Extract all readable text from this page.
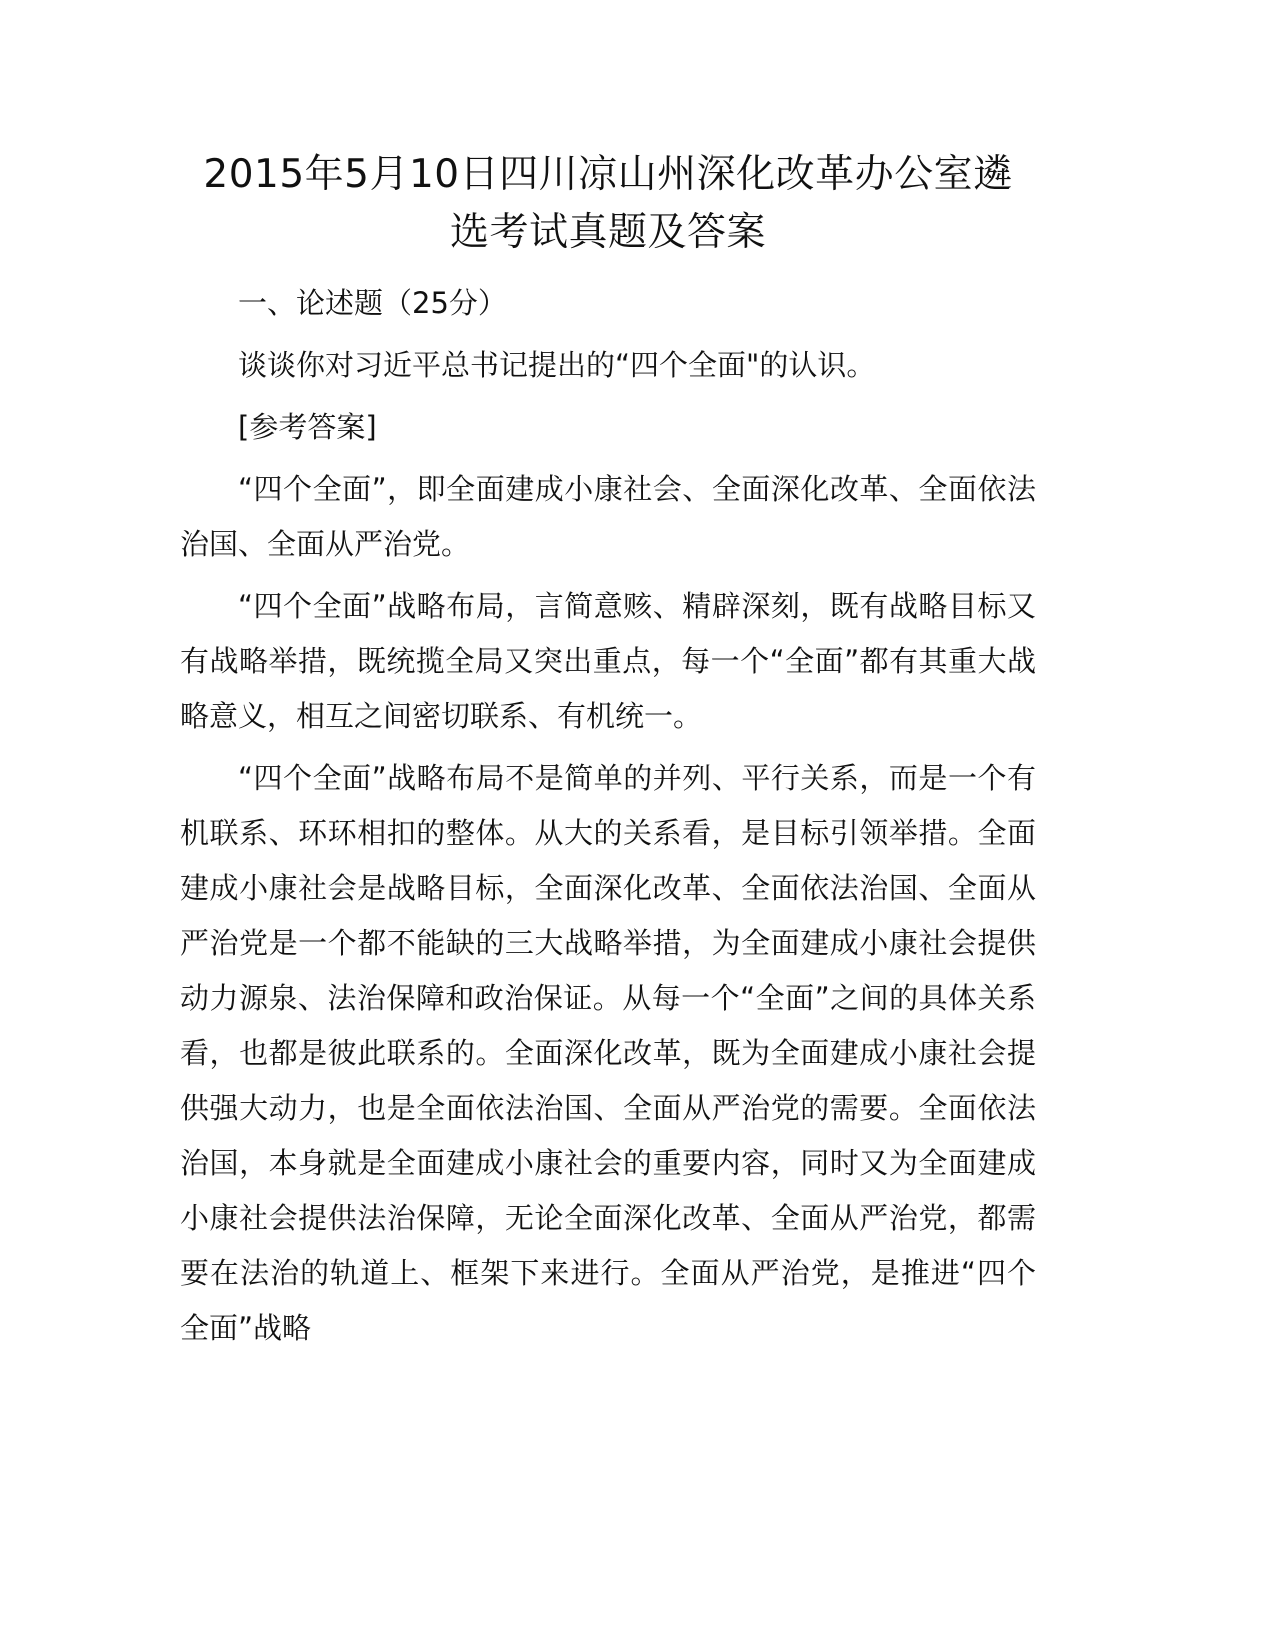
2015年5月10日四川凉山州深化改革办公室遴
选考试真题及答案

一、论述题（25分）

谈谈你对习近平总书记提出的“四个全面"的认识。

[参考答案]

“四个全面”，即全面建成小康社会、全面深化改革、全面依法治国、全面从严治党。

“四个全面”战略布局，言简意赅、精辟深刻，既有战略目标又有战略举措，既统揽全局又突出重点，每一个“全面”都有其重大战略意义，相互之间密切联系、有机统一。

“四个全面”战略布局不是简单的并列、平行关系，而是一个有机联系、环环相扣的整体。从大的关系看，是目标引领举措。全面建成小康社会是战略目标，全面深化改革、全面依法治国、全面从严治党是一个都不能缺的三大战略举措，为全面建成小康社会提供动力源泉、法治保障和政治保证。从每一个“全面”之间的具体关系看，也都是彼此联系的。全面深化改革，既为全面建成小康社会提供强大动力，也是全面依法治国、全面从严治党的需要。全面依法治国，本身就是全面建成小康社会的重要内容，同时又为全面建成小康社会提供法治保障，无论全面深化改革、全面从严治党，都需要在法治的轨道上、框架下来进行。全面从严治党，是推进“四个全面”战略
